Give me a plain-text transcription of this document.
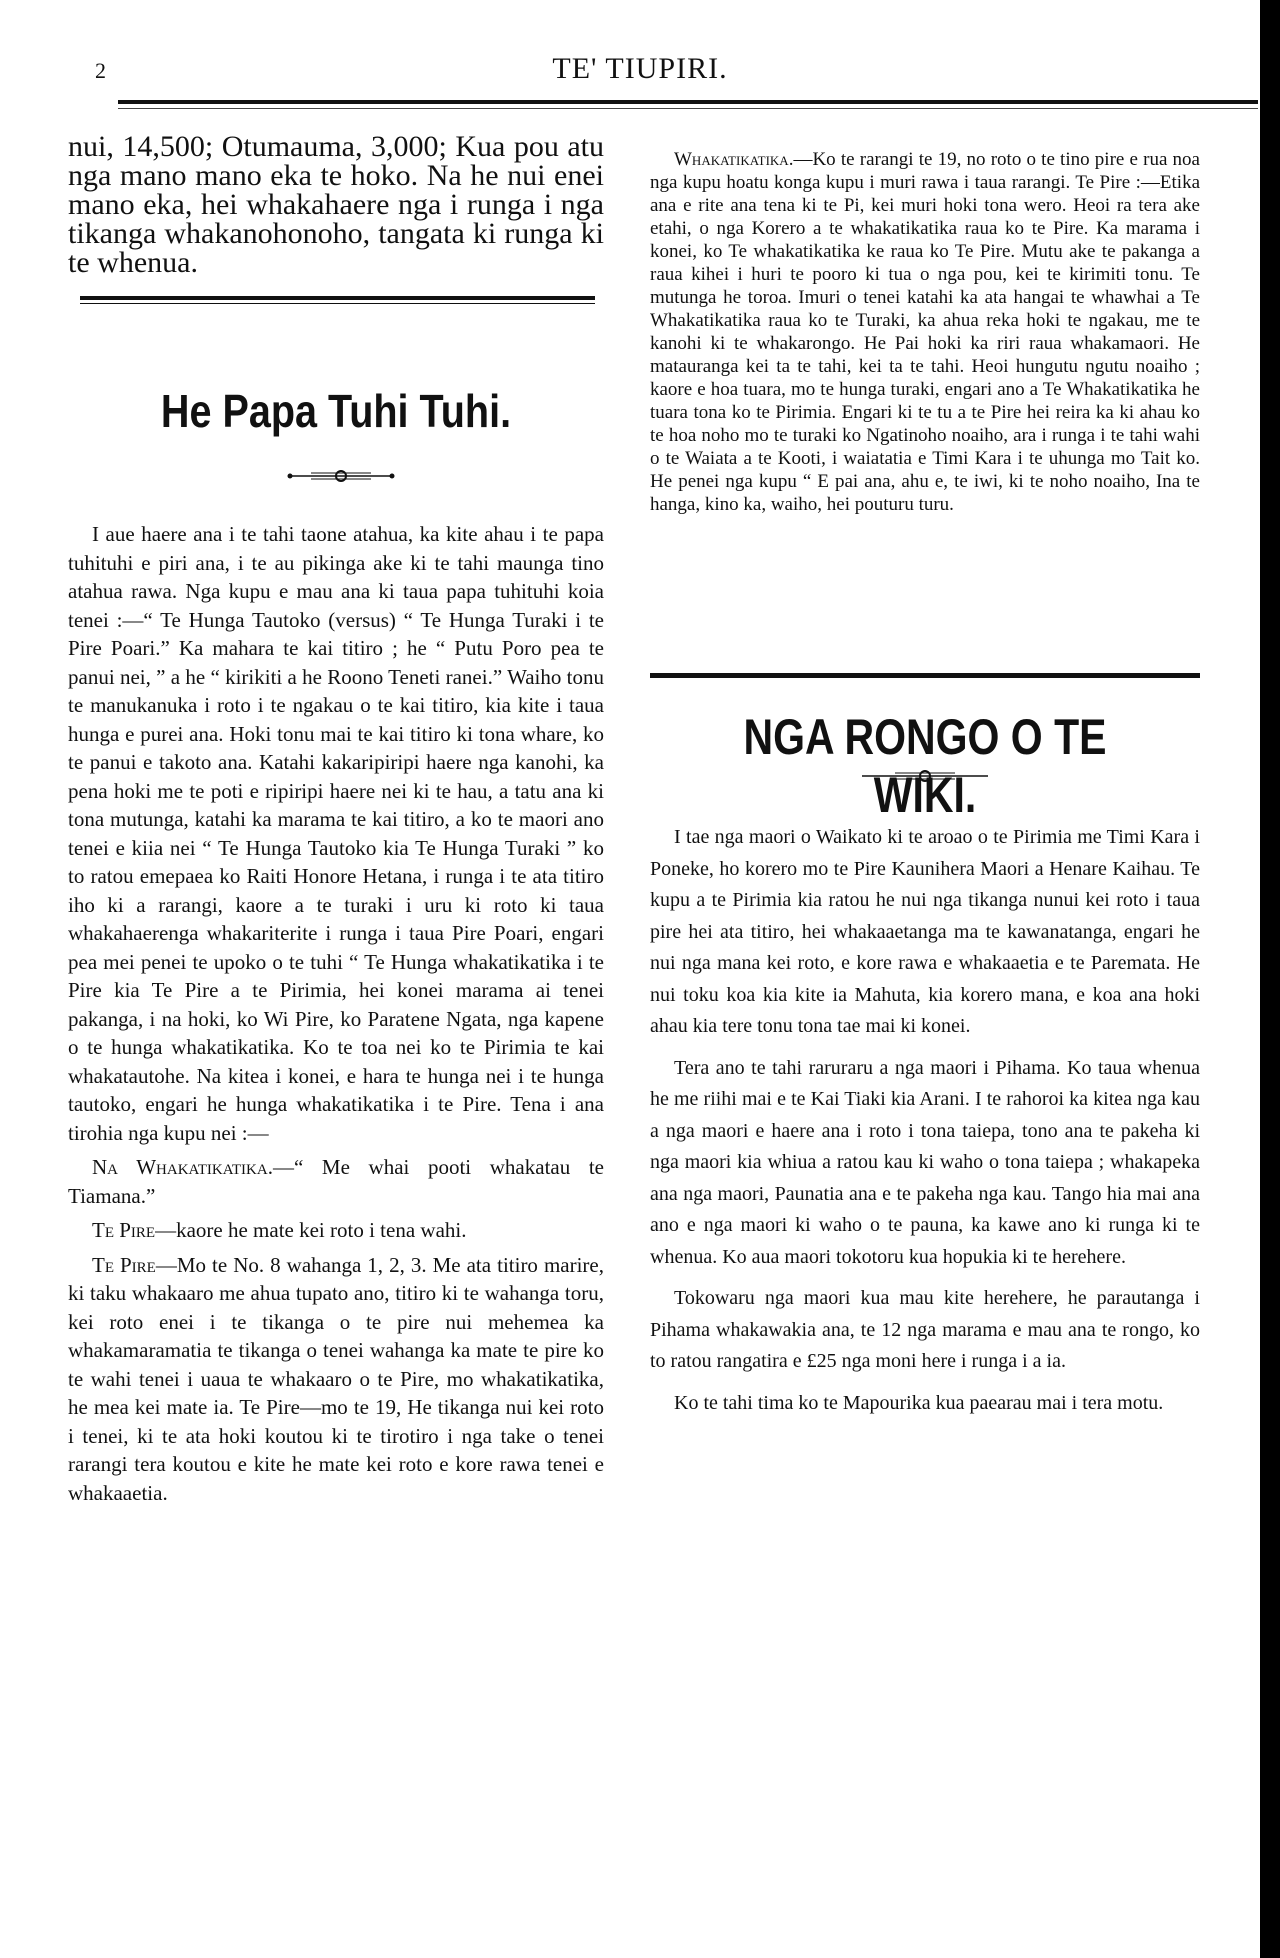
2	TE' TIUPIRI.

nui, 14,500; Otumauma, 3,000; Kua pou atu nga mano mano eka te hoko. Na he nui enei mano eka, hei whakahaere nga i runga i nga tikanga whakanohonoho, tangata ki runga ki te whenua.

He Papa Tuhi Tuhi.

I aue haere ana i te tahi taone atahua, ka kite ahau i te papa tuhituhi e piri ana, i te au pikinga ake ki te tahi maunga tino atahua rawa. Nga kupu e mau ana ki taua papa tuhituhi koia tenei :—“ Te Hunga Tautoko (versus) “ Te Hunga Turaki i te Pire Poari.” Ka mahara te kai titiro ; he “ Putu Poro pea te panui nei, ” a he “ kirikiti a he Roono Teneti ranei.” Waiho tonu te manukanuka i roto i te ngakau o te kai titiro, kia kite i taua hunga e purei ana. Hoki tonu mai te kai titiro ki tona whare, ko te panui e takoto ana. Katahi kakaripiripi haere nga kanohi, ka pena hoki me te poti e ripiripi haere nei ki te hau, a tatu ana ki tona mutunga, katahi ka marama te kai titiro, a ko te maori ano tenei e kiia nei “ Te Hunga Tautoko kia Te Hunga Turaki ” ko to ratou emepaea ko Raiti Honore Hetana, i runga i te ata titiro iho ki a rarangi, kaore a te turaki i uru ki roto ki taua whakahaerenga whakariterite i runga i taua Pire Poari, engari pea mei penei te upoko o te tuhi “ Te Hunga whakatikatika i te Pire kia Te Pire a te Pirimia, hei konei marama ai tenei pakanga, i na hoki, ko Wi Pire, ko Paratene Ngata, nga kapene o te hunga whakatikatika. Ko te toa nei ko te Pirimia te kai whakatautohe. Na kitea i konei, e hara te hunga nei i te hunga tautoko, engari he hunga whakatikatika i te Pire. Tena i ana tirohia nga kupu nei :—

Na Whakatikatika.—“ Me whai pooti whakatau te Tiamana.”

Te Pire—kaore he mate kei roto i tena wahi.

Te Pire—Mo te No. 8 wahanga 1, 2, 3. Me ata titiro marire, ki taku whakaaro me ahua tupato ano, titiro ki te wahanga toru, kei roto enei i te tikanga o te pire nui mehemea ka whakamaramatia te tikanga o tenei wahanga ka mate te pire ko te wahi tenei i uaua te whakaaro o te Pire, mo whakatikatika, he mea kei mate ia. Te Pire—mo te 19, He tikanga nui kei roto i tenei, ki te ata hoki koutou ki te tirotiro i nga take o tenei rarangi tera koutou e kite he mate kei roto e kore rawa tenei e whakaaetia.

Whakatikatika.—Ko te rarangi te 19, no roto o te tino pire e rua noa nga kupu hoatu konga kupu i muri rawa i taua rarangi. Te Pire :—Etika ana e rite ana tena ki te Pi, kei muri hoki tona wero. Heoi ra tera ake etahi, o nga Korero a te whakatikatika raua ko te Pire. Ka marama i konei, ko Te whakatikatika ke raua ko Te Pire. Mutu ake te pakanga a raua kihei i huri te pooro ki tua o nga pou, kei te kirimiti tonu. Te mutunga he toroa. Imuri o tenei katahi ka ata hangai te whawhai a Te Whakatikatika raua ko te Turaki, ka ahua reka hoki te ngakau, me te kanohi ki te whakarongo. He Pai hoki ka riri raua whakamaori. He matauranga kei ta te tahi, kei ta te tahi. Heoi hungutu ngutu noaiho ; kaore e hoa tuara, mo te hunga turaki, engari ano a Te Whakatikatika he tuara tona ko te Pirimia. Engari ki te tu a te Pire hei reira ka ki ahau ko te hoa noho mo te turaki ko Ngatinoho noaiho, ara i runga i te tahi wahi o te Waiata a te Kooti, i waiatatia e Timi Kara i te uhunga mo Tait ko. He penei nga kupu “ E pai ana, ahu e, te iwi, ki te noho noaiho, Ina te hanga, kino ka, waiho, hei pouturu turu.

NGA RONGO O TE WIKI.

I tae nga maori o Waikato ki te aroao o te Pirimia me Timi Kara i Poneke, ho korero mo te Pire Kaunihera Maori a Henare Kaihau. Te kupu a te Pirimia kia ratou he nui nga tikanga nunui kei roto i taua pire hei ata titiro, hei whakaaetanga ma te kawanatanga, engari he nui nga mana kei roto, e kore rawa e whakaaetia e te Paremata. He nui toku koa kia kite ia Mahuta, kia korero mana, e koa ana hoki ahau kia tere tonu tona tae mai ki konei.

Tera ano te tahi raruraru a nga maori i Pihama. Ko taua whenua he me riihi mai e te Kai Tiaki kia Arani. I te rahoroi ka kitea nga kau a nga maori e haere ana i roto i tona taiepa, tono ana te pakeha ki nga maori kia whiua a ratou kau ki waho o tona taiepa ; whakapeka ana nga maori, Paunatia ana e te pakeha nga kau. Tango hia mai ana ano e nga maori ki waho o te pauna, ka kawe ano ki runga ki te whenua. Ko aua maori tokotoru kua hopukia ki te herehere.

Tokowaru nga maori kua mau kite herehere, he parautanga i Pihama whakawakia ana, te 12 nga marama e mau ana te rongo, ko to ratou rangatira e £25 nga moni here i runga i a ia.

Ko te tahi tima ko te Mapourika kua paearau mai i tera motu.
